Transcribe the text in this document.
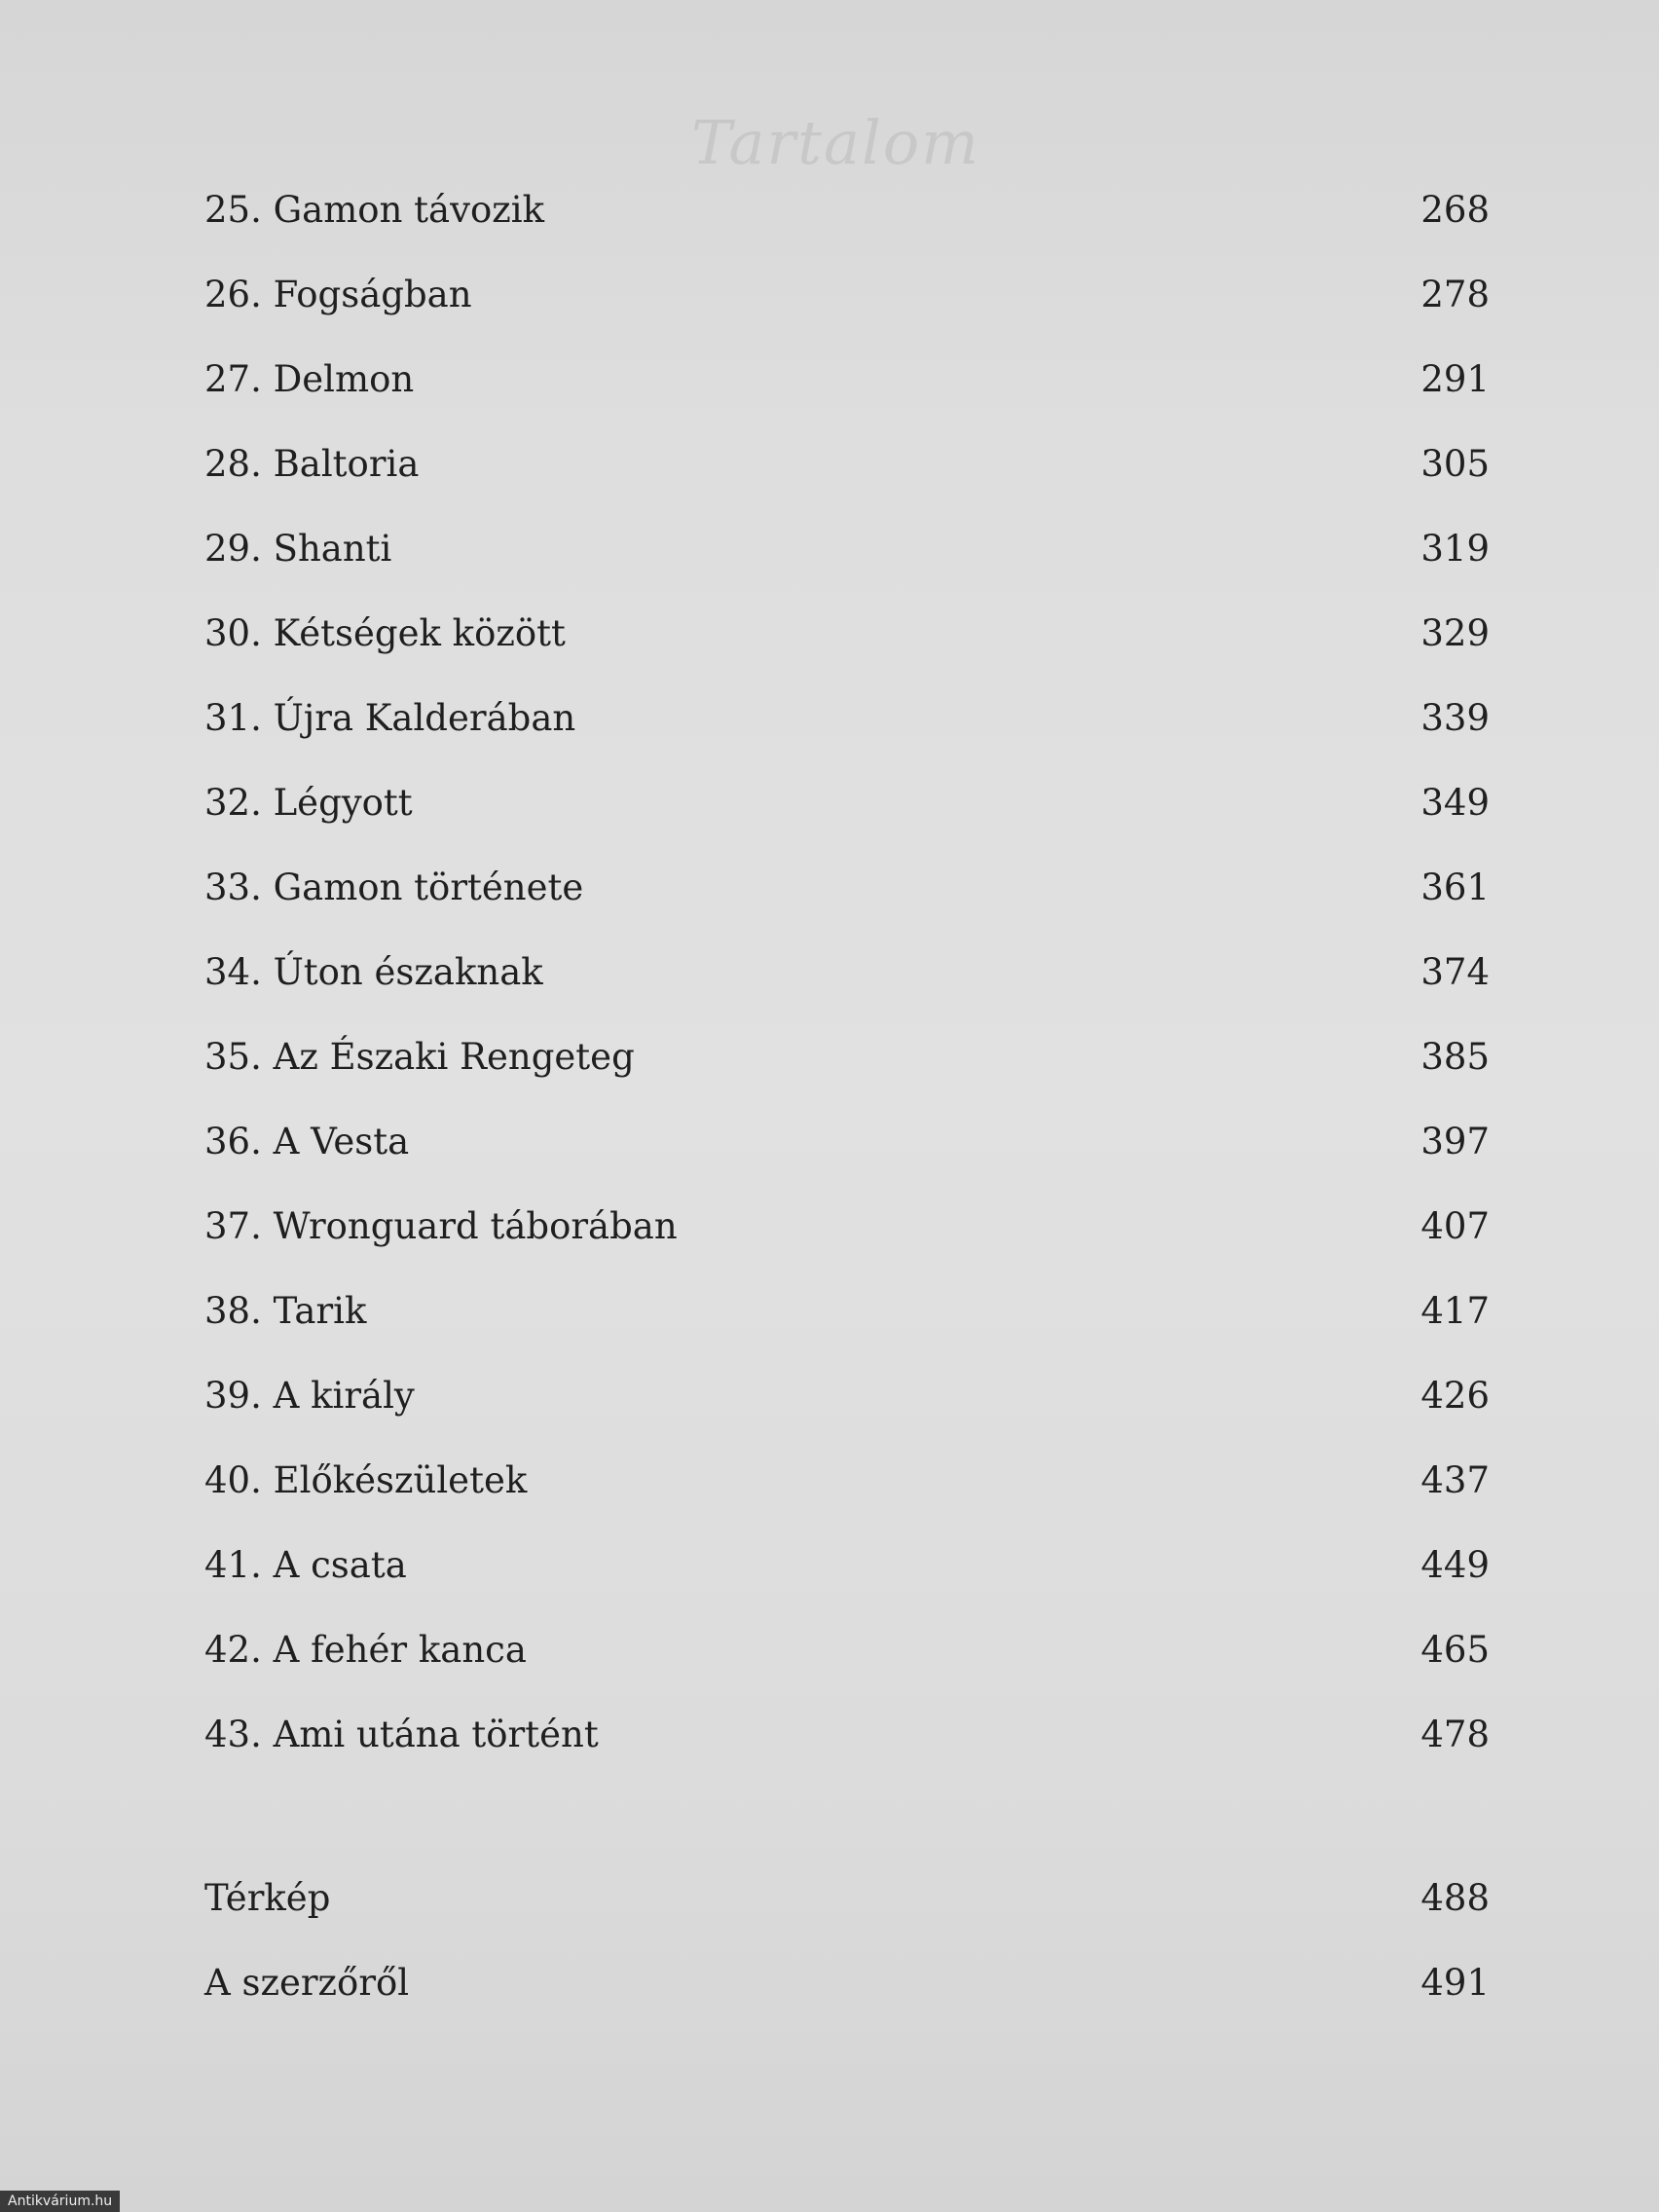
Tartalom
25. Gamon távozik	268
26. Fogságban	278
27. Delmon	291
28. Baltoria	305
29. Shanti	319
30. Kétségek között	329
31. Újra Kalderában	339
32. Légyott	349
33. Gamon története	361
34. Úton északnak	374
35. Az Északi Rengeteg	385
36. A Vesta	397
37. Wronguard táborában	407
38. Tarik	417
39. A király	426
40. Előkészületek	437
41. A csata	449
42. A fehér kanca	465
43. Ami utána történt	478
Térkép	488
A szerzőről	491
Antikvárium.hu
